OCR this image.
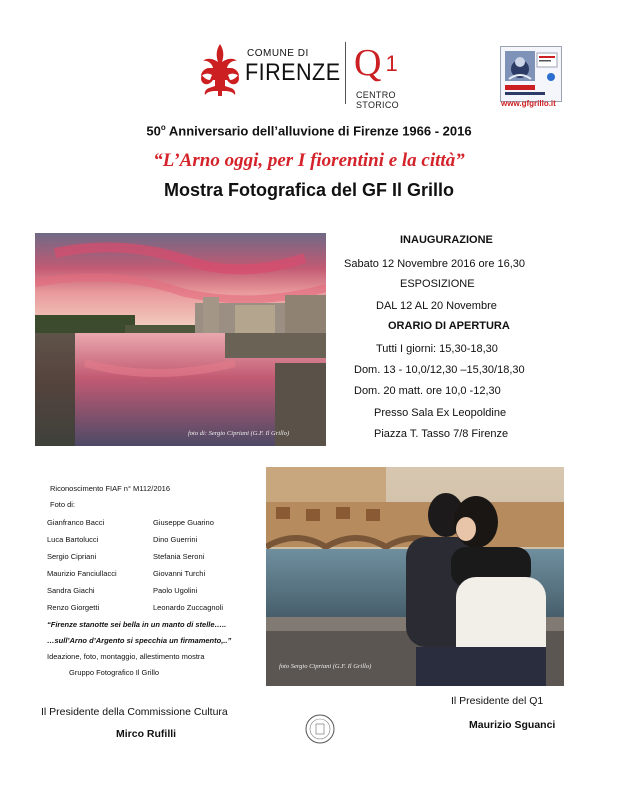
COMUNE DI
FIRENZE Q 1
CENTRO STORICO	www.gfgrillo.it
50$^o$ Anniversario dell’alluvione di Firenze 1966 - 2016
“L’Arno oggi, per I fiorentini e la città”
Mostra Fotografica del GF Il Grillo
foto di: Sergio Cipriani (G.F. Il Grillo)
INAUGURAZIONE
Sabato 12 Novembre 2016 ore 16,30
ESPOSIZIONE
DAL 12 AL 20 Novembre
ORARIO DI APERTURA
Tutti I giorni: 15,30-18,30
Dom. 13 - 10,0/12,30 –15,30/18,30
Dom. 20 matt. ore 10,0 -12,30
Presso Sala Ex Leopoldine
Piazza T. Tasso 7/8 Firenze
Riconoscimento FIAF n° M112/2016
Foto di:
Gianfranco Bacci
Luca Bartolucci
Sergio Cipriani
Maurizio Fanciullacci
Sandra Giachi
Renzo Giorgetti
Giuseppe Guarino
Dino Guerrini
Stefania Seroni
Giovanni Turchi
Paolo Ugolini
Leonardo Zuccagnoli
“Firenze stanotte sei bella in un manto di stelle…..
…sull’Arno d’Argento si specchia un firmamento,..”
Ideazione, foto, montaggio, allestimento mostra
Gruppo Fotografico Il Grillo
foto Sergio Cipriani (G.F. Il Grillo)
Il Presidente della Commissione Cultura
Mirco Rufilli
Il Presidente del Q1
Maurizio Sguanci
